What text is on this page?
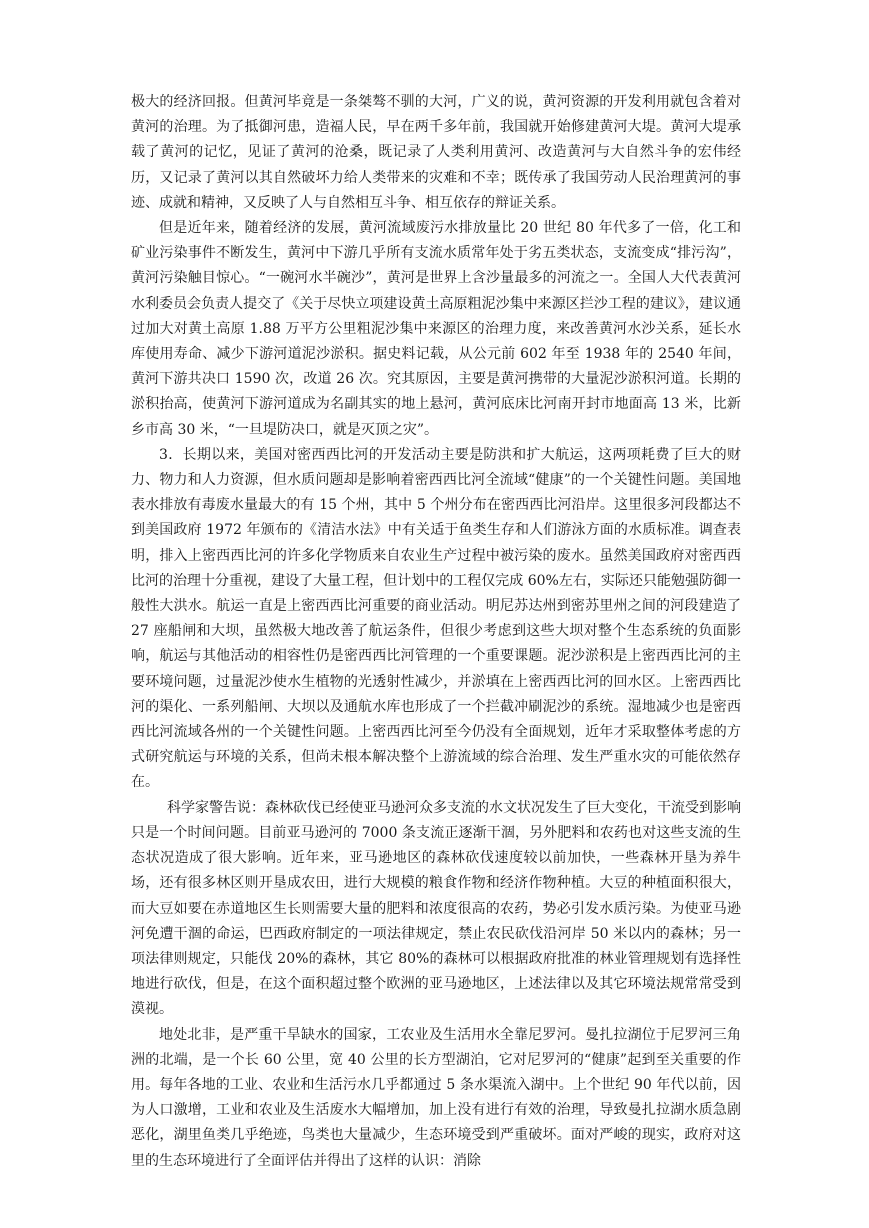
极大的经济回报。但黄河毕竟是一条桀骜不驯的大河，广义的说，黄河资源的开发利用就包含着对黄河的治理。为了抵御河患，造福人民，早在两千多年前，我国就开始修建黄河大堤。黄河大堤承载了黄河的记忆，见证了黄河的沧桑，既记录了人类利用黄河、改造黄河与大自然斗争的宏伟经历，又记录了黄河以其自然破坏力给人类带来的灾难和不幸；既传承了我国劳动人民治理黄河的事迹、成就和精神，又反映了人与自然相互斗争、相互依存的辩证关系。

但是近年来，随着经济的发展，黄河流域废污水排放量比 20 世纪 80 年代多了一倍，化工和矿业污染事件不断发生，黄河中下游几乎所有支流水质常年处于劣五类状态，支流变成“排污沟”，黄河污染触目惊心。“一碗河水半碗沙”，黄河是世界上含沙量最多的河流之一。全国人大代表黄河水利委员会负责人提交了《关于尽快立项建设黄土高原粗泥沙集中来源区拦沙工程的建议》，建议通过加大对黄土高原 1.88 万平方公里粗泥沙集中来源区的治理力度，来改善黄河水沙关系，延长水库使用寿命、减少下游河道泥沙淤积。据史料记载，从公元前 602 年至 1938 年的 2540 年间，黄河下游共决口 1590 次，改道 26 次。究其原因，主要是黄河携带的大量泥沙淤积河道。长期的淤积抬高，使黄河下游河道成为名副其实的地上悬河，黄河底床比河南开封市地面高 13 米，比新乡市高 30 米，“一旦堤防决口，就是灭顶之灾”。

3．长期以来，美国对密西西比河的开发活动主要是防洪和扩大航运，这两项耗费了巨大的财力、物力和人力资源，但水质问题却是影响着密西西比河全流域“健康”的一个关键性问题。美国地表水排放有毒废水量最大的有 15 个州，其中 5 个州分布在密西西比河沿岸。这里很多河段都达不到美国政府 1972 年颁布的《清洁水法》中有关适于鱼类生存和人们游泳方面的水质标准。调查表明，排入上密西西比河的许多化学物质来自农业生产过程中被污染的废水。虽然美国政府对密西西比河的治理十分重视，建设了大量工程，但计划中的工程仅完成 60%左右，实际还只能勉强防御一般性大洪水。航运一直是上密西西比河重要的商业活动。明尼苏达州到密苏里州之间的河段建造了 27 座船闸和大坝，虽然极大地改善了航运条件，但很少考虑到这些大坝对整个生态系统的负面影响，航运与其他活动的相容性仍是密西西比河管理的一个重要课题。泥沙淤积是上密西西比河的主要环境问题，过量泥沙使水生植物的光透射性减少，并淤填在上密西西比河的回水区。上密西西比河的渠化、一系列船闸、大坝以及通航水库也形成了一个拦截冲刷泥沙的系统。湿地减少也是密西西比河流域各州的一个关键性问题。上密西西比河至今仍没有全面规划，近年才采取整体考虑的方式研究航运与环境的关系，但尚未根本解决整个上游流域的综合治理、发生严重水灾的可能依然存在。

科学家警告说：森林砍伐已经使亚马逊河众多支流的水文状况发生了巨大变化，干流受到影响只是一个时间问题。目前亚马逊河的 7000 条支流正逐渐干涸，另外肥料和农药也对这些支流的生态状况造成了很大影响。近年来，亚马逊地区的森林砍伐速度较以前加快，一些森林开垦为养牛场，还有很多林区则开垦成农田，进行大规模的粮食作物和经济作物种植。大豆的种植面积很大，而大豆如要在赤道地区生长则需要大量的肥料和浓度很高的农药，势必引发水质污染。为使亚马逊河免遭干涸的命运，巴西政府制定的一项法律规定，禁止农民砍伐沿河岸 50 米以内的森林；另一项法律则规定，只能伐 20%的森林，其它 80%的森林可以根据政府批准的林业管理规划有选择性地进行砍伐，但是，在这个面积超过整个欧洲的亚马逊地区，上述法律以及其它环境法规常常受到漠视。

地处北非，是严重干旱缺水的国家，工农业及生活用水全靠尼罗河。曼扎拉湖位于尼罗河三角洲的北端，是一个长 60 公里，宽 40 公里的长方型湖泊，它对尼罗河的“健康”起到至关重要的作用。每年各地的工业、农业和生活污水几乎都通过 5 条水渠流入湖中。上个世纪 90 年代以前，因为人口激增，工业和农业及生活废水大幅增加，加上没有进行有效的治理，导致曼扎拉湖水质急剧恶化，湖里鱼类几乎绝迹，鸟类也大量减少，生态环境受到严重破坏。面对严峻的现实，政府对这里的生态环境进行了全面评估并得出了这样的认识：消除
